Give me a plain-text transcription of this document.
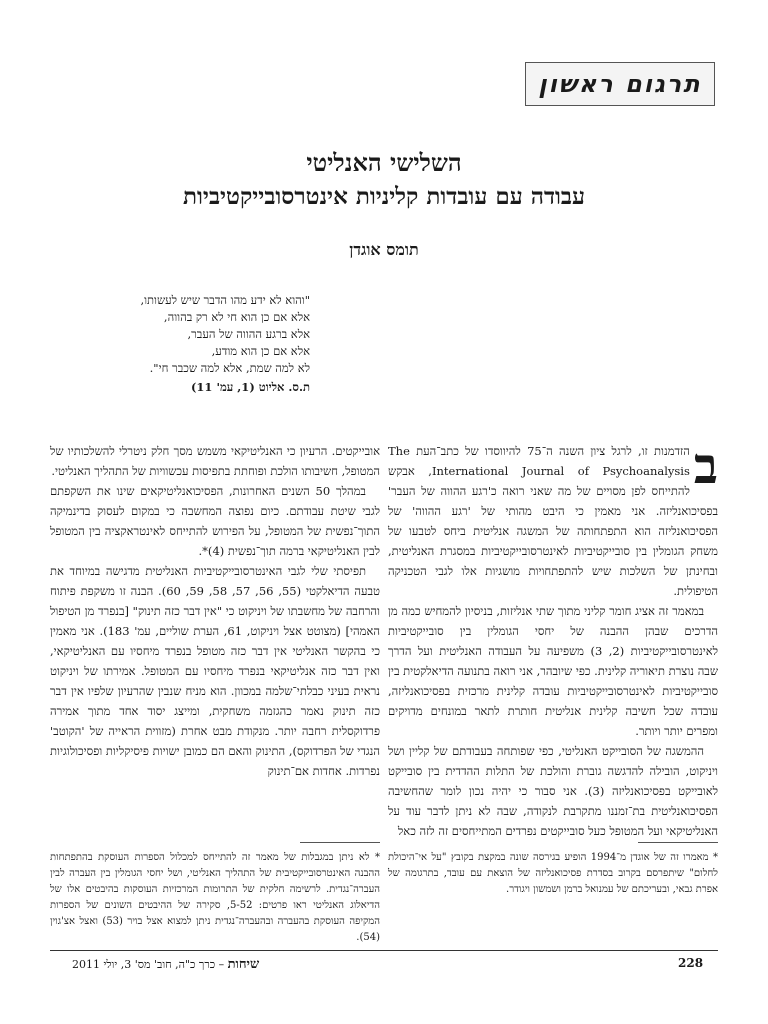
תרגום ראשון
השלישי האנליטי
עבודה עם עובדות קליניות אינטרסובייקטיביות
תומס אוגדן
"והוא לא ידע מהו הדבר שיש לעשותו,
אלא אם כן הוא חי לא רק בהווה,
אלא ברגע ההווה של העבר,
אלא אם כן הוא מודע,
לא למה שמת, אלא למה שכבר חי".
ת.ס. אליוט (1, עמ' 11)

ב
הזדמנות זו, לרגל ציון השנה ה־75 להיווסדו של כתב־העת The International Journal of Psychoanalysis, אבקש להתייחס לפן מסויים של מה שאני רואה כ'רגע ההווה של העבר' בפסיכואנליזה. אני מאמין כי היבט מהותי של 'רגע ההווה' של הפסיכואנליזה הוא התפתחותה של המשגה אנליטית ביחס לטבעו של משחק הגומלין בין סובייקטיביות לאינטרסובייקטיביות במסגרת האנליטית, ובחינתן של השלכות שיש להתפתחויות מושגיות אלו לגבי הטכניקה הטיפולית.

במאמר זה אציג חומר קליני מתוך שתי אנליזות, בניסיון להמחיש כמה מן הדרכים שבהן ההבנה של יחסי הגומלין בין סובייקטיביות לאינטרסובייקטיביות (2, 3) משפיעה על העבודה האנליטית ועל הדרך שבה נוצרת תיאוריה קלינית. כפי שיובהר, אני רואה בתנועה הדיאלקטית בין סובייקטיביות לאינטרסובייקטיביות עובדה קלינית מרכזית בפסיכואנליזה, עובדה שכל חשיבה קלינית אנליטית חותרת לתאר במונחים מדויקים ומפרים יותר ויותר.

ההמשגה של הסובייקט האנליטי, כפי שפותחה בעבודתם של קליין ושל ויניקוט, הובילה להדגשה גוברת והולכת של התלות ההדדית בין סובייקט לאובייקט בפסיכואנליזה (3). אני סבור כי יהיה נכון לומר שהחשיבה הפסיכואנליטית בת־זמננו מתקרבת לנקודה, שבה לא ניתן לדבר עוד על האנליטיקאי ועל המטופל כעל סובייקטים נפרדים המתייחסים זה לזה כאל

אובייקטים. הרעיון כי האנליטיקאי משמש מסך חלק ניטרלי להשלכותיו של המטופל, חשיבותו הולכת ופוחתת בתפיסות עכשוויות של התהליך האנליטי.

במהלך 50 השנים האחרונות, הפסיכואנליטיקאים שינו את השקפתם לגבי שיטת עבודתם. כיום נפוצה המחשבה כי במקום לעסוק בדינמיקה התוך־נפשית של המטופל, על הפירוש להתייחס לאינטראקציה בין המטופל לבין האנליטיקאי ברמה תוך־נפשית (4)*.

תפיסתי שלי לגבי האינטרסובייקטיביות האנליטית מדגישה במיוחד את טבעה הדיאלקטי (55, 56, 57, 58, 59, 60). הבנה זו משקפת פיתוח והרחבה של מחשבתו של ויניקוט כי "אין דבר כזה תינוק" [בנפרד מן הטיפול האמהי] (מצוטט אצל ויניקוט, 61, הערת שוליים, עמ' 183). אני מאמין כי בהקשר האנליטי אין דבר כזה מטופל בנפרד מיחסיו עם האנליטיקאי, ואין דבר כזה אנליטיקאי בנפרד מיחסיו עם המטופל. אמירתו של ויניקוט נראית בעיני כבלתי־שלמה במכוון. הוא מניח שנבין שהרעיון שלפיו אין דבר כזה תינוק נאמר כהגזמה משחקית, ומייצג יסוד אחד מתוך אמירה פרדוקסלית רחבה יותר. מנקודת מבט אחרת (מזווית הראייה של 'הקוטב' הנגדי של הפרדוקס), התינוק והאם הם כמובן ישויות פיסיקליות ופסיכולוגיות נפרדות. אחדות אם־תינוק

* מאמרו זה של אוגדן מ־1994 הופיע בגירסה שונה במקצת בקובץ "על אי־היכולת לחלום" שיתפרסם בקרוב בסדרת פסיכואנליזה של הוצאת עם עובד, בתרגומה של אפרת גבאי, ובעריכתם של עמנואל ברמן ושמשון ויגודר.
* לא ניתן במגבלות של מאמר זה להתייחס למכלול הספרות העוסקת בהתפתחות ההבנה האינטרסובייקטיבית של התהליך האנליטי, ושל יחסי הגומלין בין העברה לבין העברה־נגדית. לרשימה חלקית של התרומות המרכזיות העוסקות בהיבטים אלו של הדיאלוג האנליטי ראו פרטים: 5-52, סקירה של ההיבטים השונים של הספרות המקיפה העוסקת בהעברה ובהעברה־נגדית ניתן למצוא אצל בויר (53) ואצל אצ'גוין (54).
שיחות – כרך כ"ה, חוב' מס' 3, יולי 2011	228
